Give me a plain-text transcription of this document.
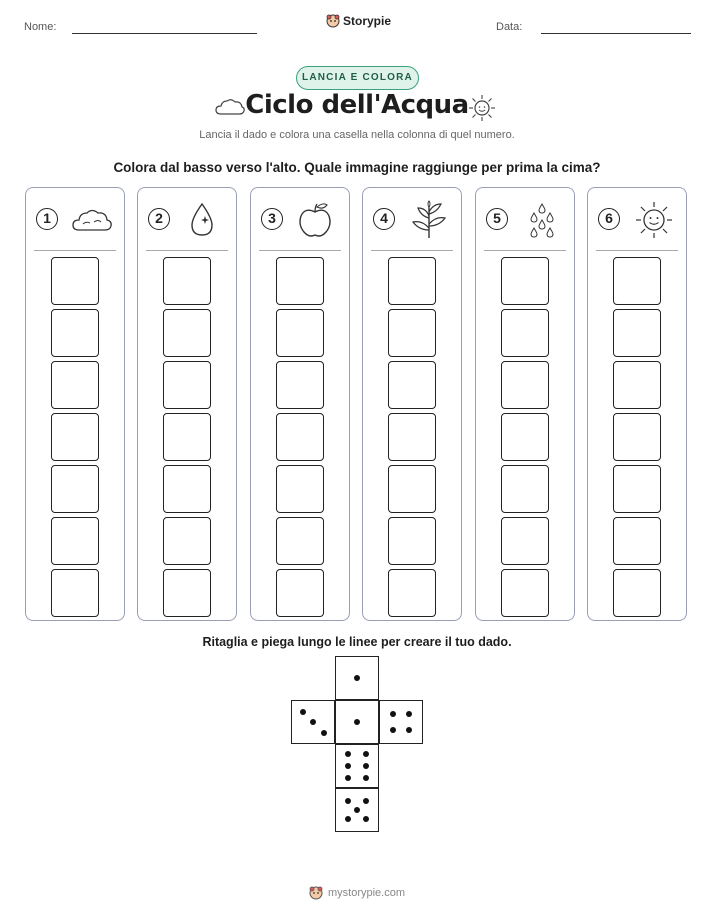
Nome:	Storypie	Data:
LANCIA E COLORA
Ciclo dell'Acqua
Lancia il dado e colora una casella nella colonna di quel numero.
Colora dal basso verso l'alto. Quale immagine raggiunge per prima la cima?
1	2	3	4	5	6
Ritaglia e piega lungo le linee per creare il tuo dado.
mystorypie.com
